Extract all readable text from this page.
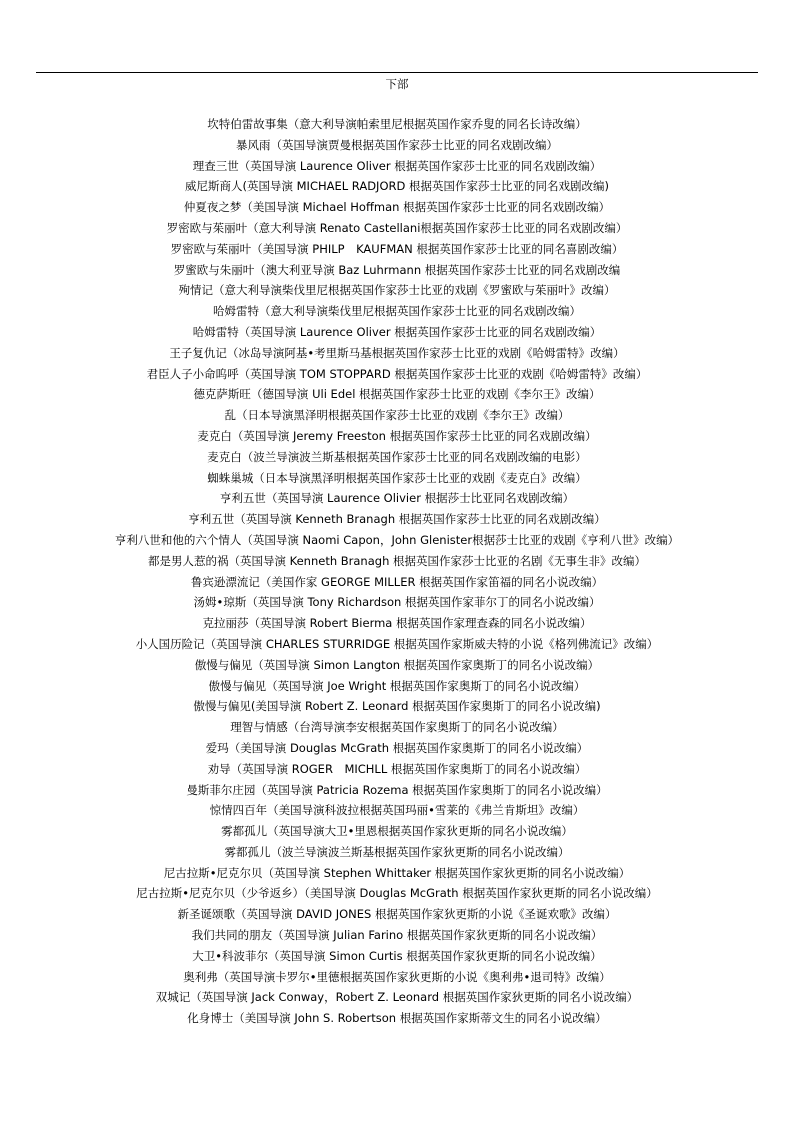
下部
坎特伯雷故事集（意大利导演帕索里尼根据英国作家乔叟的同名长诗改编）
暴风雨（英国导演贾曼根据英国作家莎士比亚的同名戏剧改编）
理查三世（英国导演 Laurence Oliver 根据英国作家莎士比亚的同名戏剧改编）
威尼斯商人(英国导演 MICHAEL RADJORD 根据英国作家莎士比亚的同名戏剧改编)
仲夏夜之梦（美国导演 Michael Hoffman 根据英国作家莎士比亚的同名戏剧改编）
罗密欧与茱丽叶（意大利导演 Renato Castellani根据英国作家莎士比亚的同名戏剧改编）
罗密欧与茱丽叶（美国导演 PHILP　KAUFMAN 根据英国作家莎士比亚的同名喜剧改编）
罗蜜欧与朱丽叶（澳大利亚导演 Baz Luhrmann 根据英国作家莎士比亚的同名戏剧改编
殉情记（意大利导演柴伐里尼根据英国作家莎士比亚的戏剧《罗蜜欧与茱丽叶》改编）
哈姆雷特（意大利导演柴伐里尼根据英国作家莎士比亚的同名戏剧改编）
哈姆雷特（英国导演 Laurence Oliver 根据英国作家莎士比亚的同名戏剧改编）
王子复仇记（冰岛导演阿基•考里斯马基根据英国作家莎士比亚的戏剧《哈姆雷特》改编）
君臣人子小命呜呼（英国导演 TOM STOPPARD 根据英国作家莎士比亚的戏剧《哈姆雷特》改编）
德克萨斯旺（德国导演 Uli Edel 根据英国作家莎士比亚的戏剧《李尔王》改编）
乱（日本导演黑泽明根据英国作家莎士比亚的戏剧《李尔王》改编）
麦克白（英国导演 Jeremy Freeston 根据英国作家莎士比亚的同名戏剧改编）
麦克白（波兰导演波兰斯基根据英国作家莎士比亚的同名戏剧改编的电影）
蜘蛛巢城（日本导演黑泽明根据英国作家莎士比亚的戏剧《麦克白》改编）
亨利五世（英国导演 Laurence Olivier 根据莎士比亚同名戏剧改编）
亨利五世（英国导演 Kenneth Branagh 根据英国作家莎士比亚的同名戏剧改编）
亨利八世和他的六个情人（英国导演 Naomi Capon，John Glenister根据莎士比亚的戏剧《亨利八世》改编）
都是男人惹的祸（英国导演 Kenneth Branagh 根据英国作家莎士比亚的名剧《无事生非》改编）
鲁宾逊漂流记（美国作家 GEORGE MILLER 根据英国作家笛福的同名小说改编）
汤姆•琼斯（英国导演 Tony Richardson 根据英国作家菲尔丁的同名小说改编）
克拉丽莎（英国导演 Robert Bierma 根据英国作家理查森的同名小说改编）
小人国历险记（英国导演 CHARLES STURRIDGE 根据英国作家斯威夫特的小说《格列佛流记》改编）
傲慢与偏见（英国导演 Simon Langton 根据英国作家奥斯丁的同名小说改编）
傲慢与偏见（英国导演 Joe Wright 根据英国作家奥斯丁的同名小说改编）
傲慢与偏见(美国导演 Robert Z. Leonard 根据英国作家奥斯丁的同名小说改编)
理智与情感（台湾导演李安根据英国作家奥斯丁的同名小说改编）
爱玛（美国导演 Douglas McGrath 根据英国作家奥斯丁的同名小说改编）
劝导（英国导演 ROGER　MICHLL 根据英国作家奥斯丁的同名小说改编）
曼斯菲尔庄园（英国导演 Patricia Rozema 根据英国作家奥斯丁的同名小说改编）
惊情四百年（美国导演科波拉根据英国玛丽•雪莱的《弗兰肯斯坦》改编）
雾都孤儿（英国导演大卫•里恩根据英国作家狄更斯的同名小说改编）
雾都孤儿（波兰导演波兰斯基根据英国作家狄更斯的同名小说改编）
尼古拉斯•尼克尔贝（英国导演 Stephen Whittaker 根据英国作家狄更斯的同名小说改编）
尼古拉斯•尼克尔贝（少爷返乡）（美国导演 Douglas McGrath 根据英国作家狄更斯的同名小说改编）
新圣诞颂歌（英国导演 DAVID JONES 根据英国作家狄更斯的小说《圣诞欢歌》改编）
我们共同的朋友（英国导演 Julian Farino 根据英国作家狄更斯的同名小说改编）
大卫•科波菲尔（英国导演 Simon Curtis 根据英国作家狄更斯的同名小说改编）
奥利弗（英国导演卡罗尔•里德根据英国作家狄更斯的小说《奥利弗•退司特》改编）
双城记（英国导演 Jack Conway，Robert Z. Leonard 根据英国作家狄更斯的同名小说改编）
化身博士（美国导演 John S. Robertson 根据英国作家斯蒂文生的同名小说改编）
